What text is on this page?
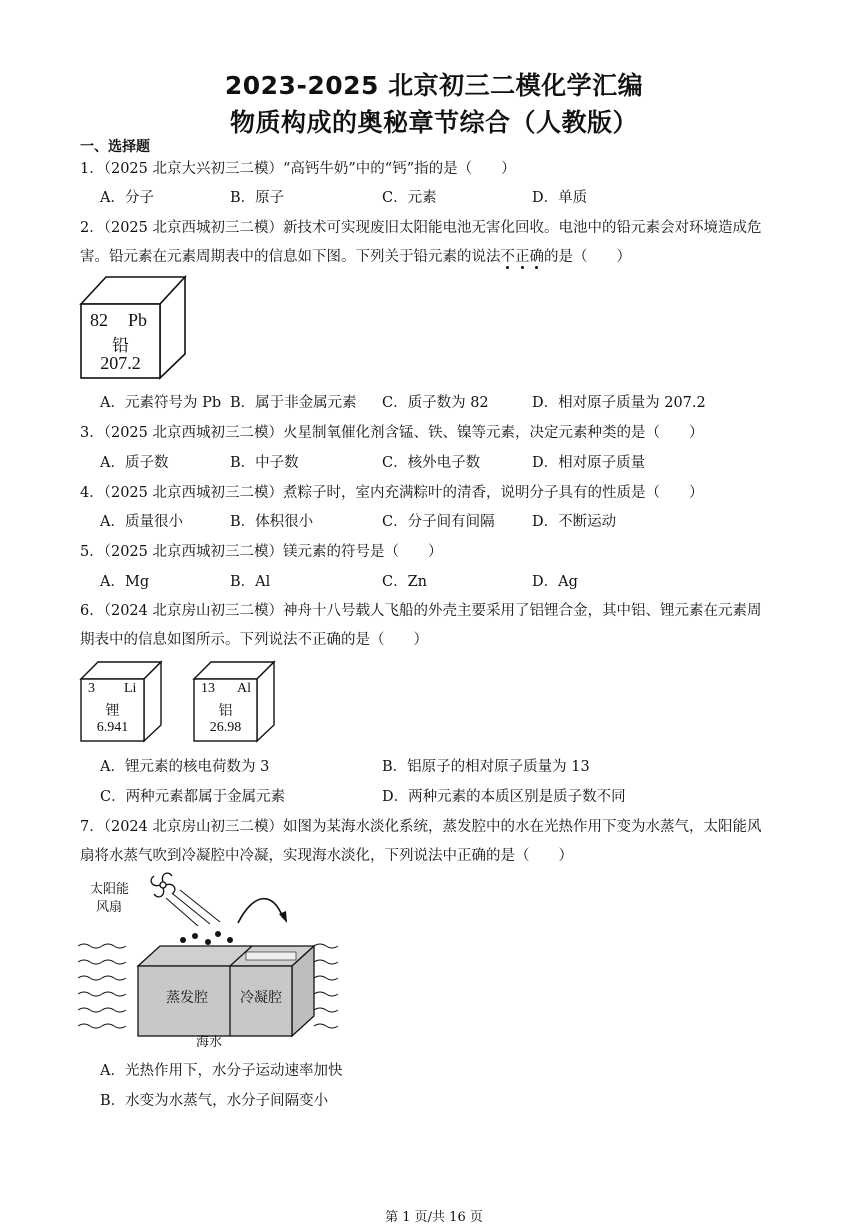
2023-2025 北京初三二模化学汇编
物质构成的奥秘章节综合（人教版）
一、选择题
1．（2025 北京大兴初三二模）“高钙牛奶”中的“钙”指的是（　　）
A．分子	B．原子	C．元素	D．单质
2．（2025 北京西城初三二模）新技术可实现废旧太阳能电池无害化回收。电池中的铅元素会对环境造成危
害。铅元素在元素周期表中的信息如下图。下列关于铅元素的说法不正确的是（　　）
82 Pb
铅
207.2
A．元素符号为 Pb B．属于非金属元素 C．质子数为 82	D．相对原子质量为 207.2
3．（2025 北京西城初三二模）火星制氧催化剂含锰、铁、镍等元素，决定元素种类的是（　　）
A．质子数	B．中子数	C．核外电子数	D．相对原子质量
4．（2025 北京西城初三二模）煮粽子时，室内充满粽叶的清香，说明分子具有的性质是（　　）
A．质量很小	B．体积很小	C．分子间有间隔	D．不断运动
5．（2025 北京西城初三二模）镁元素的符号是（　　）
A．Mg	B．Al	C．Zn	D．Ag
6．（2024 北京房山初三二模）神舟十八号载人飞船的外壳主要采用了铝锂合金，其中铝、锂元素在元素周
期表中的信息如图所示。下列说法不正确的是（　　）
3 Li
锂
6.941
13 Al
铝
26.98
A．锂元素的核电荷数为 3	B．铝原子的相对原子质量为 13
C．两种元素都属于金属元素	D．两种元素的本质区别是质子数不同
7．（2024 北京房山初三二模）如图为某海水淡化系统，蒸发腔中的水在光热作用下变为水蒸气，太阳能风
扇将水蒸气吹到冷凝腔中冷凝，实现海水淡化，下列说法中正确的是（　　）
太阳能
风扇
蒸发腔 冷凝腔
海水
A．光热作用下，水分子运动速率加快
B．水变为水蒸气，水分子间隔变小
第 1 页/共 16 页
